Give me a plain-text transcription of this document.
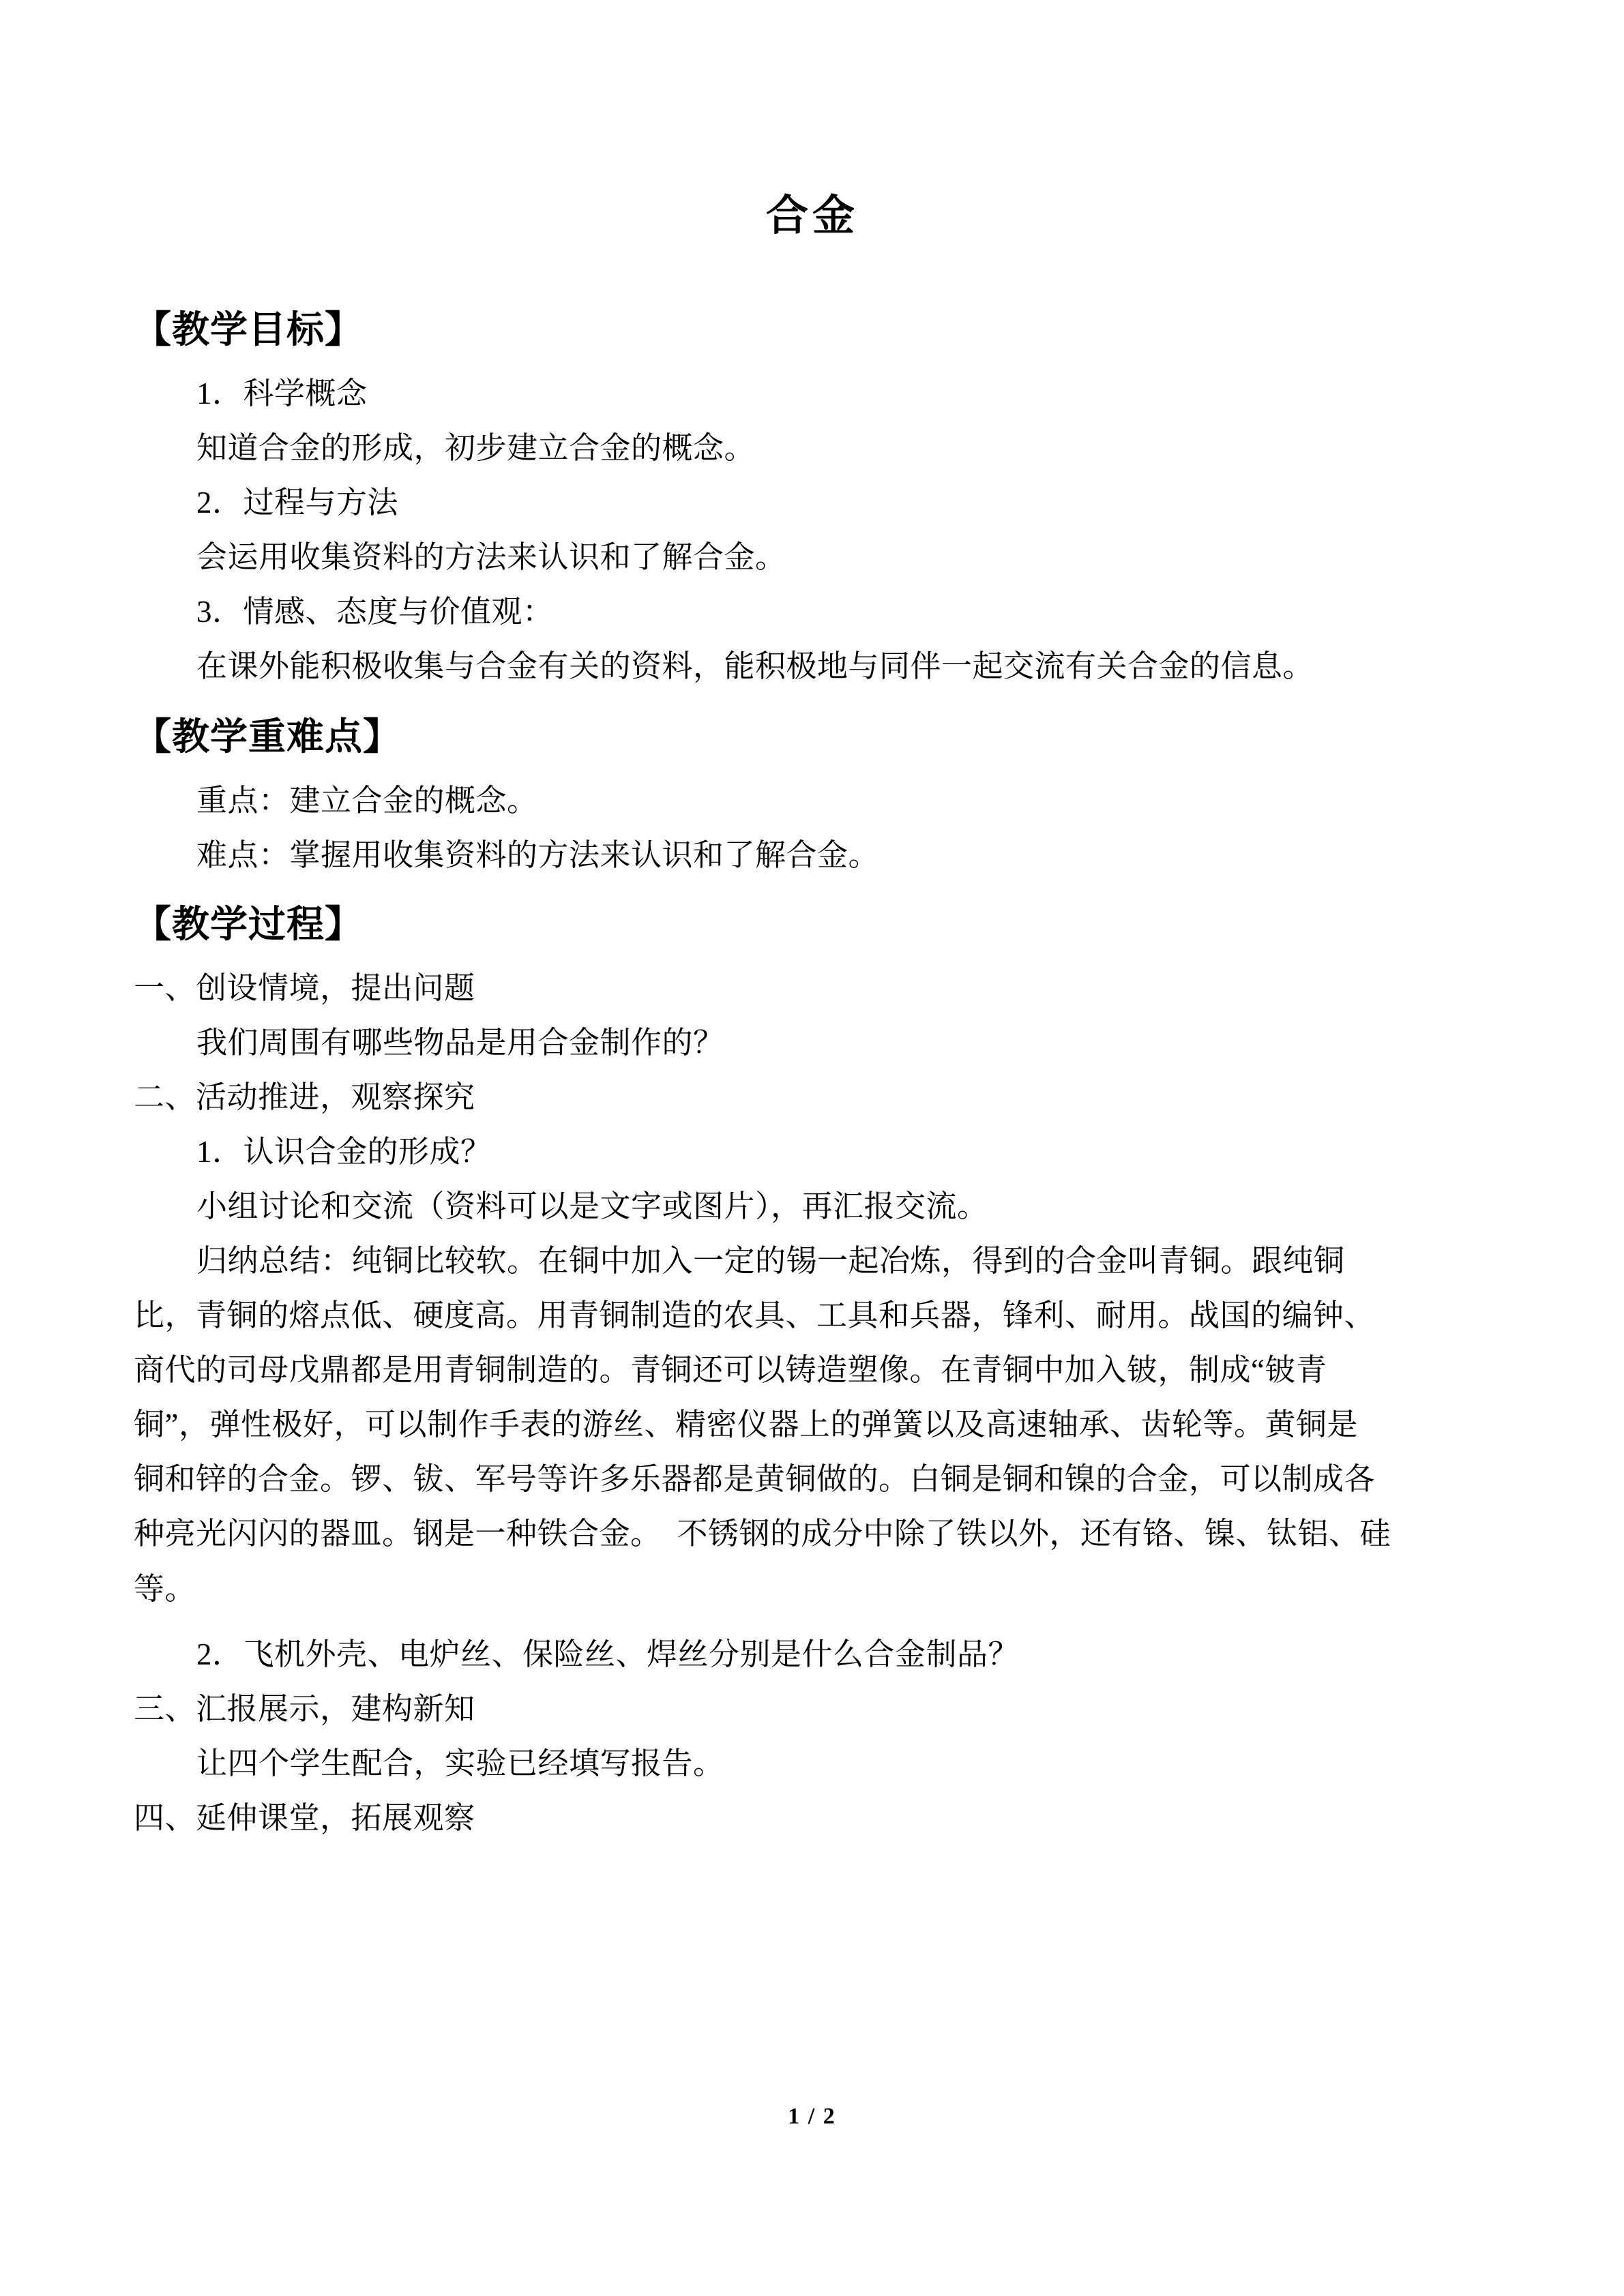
合金
【教学目标】

1．科学概念

知道合金的形成，初步建立合金的概念。

2．过程与方法

会运用收集资料的方法来认识和了解合金。

3．情感、态度与价值观：

在课外能积极收集与合金有关的资料，能积极地与同伴一起交流有关合金的信息。

【教学重难点】

重点：建立合金的概念。

难点：掌握用收集资料的方法来认识和了解合金。

【教学过程】

一、创设情境，提出问题

我们周围有哪些物品是用合金制作的？

二、活动推进，观察探究

1．认识合金的形成？

小组讨论和交流（资料可以是文字或图片），再汇报交流。

归纳总结：纯铜比较软。在铜中加入一定的锡一起冶炼，得到的合金叫青铜。跟纯铜

比，青铜的熔点低、硬度高。用青铜制造的农具、工具和兵器，锋利、耐用。战国的编钟、

商代的司母戊鼎都是用青铜制造的。青铜还可以铸造塑像。在青铜中加入铍，制成“铍青

铜”，弹性极好，可以制作手表的游丝、精密仪器上的弹簧以及高速轴承、齿轮等。黄铜是

铜和锌的合金。锣、钹、军号等许多乐器都是黄铜做的。白铜是铜和镍的合金，可以制成各

种亮光闪闪的器皿。钢是一种铁合金。　不锈钢的成分中除了铁以外，还有铬、镍、钛铝、硅

等。

2．飞机外壳、电炉丝、保险丝、焊丝分别是什么合金制品？

三、汇报展示，建构新知

让四个学生配合，实验已经填写报告。

四、延伸课堂，拓展观察

1 / 2
